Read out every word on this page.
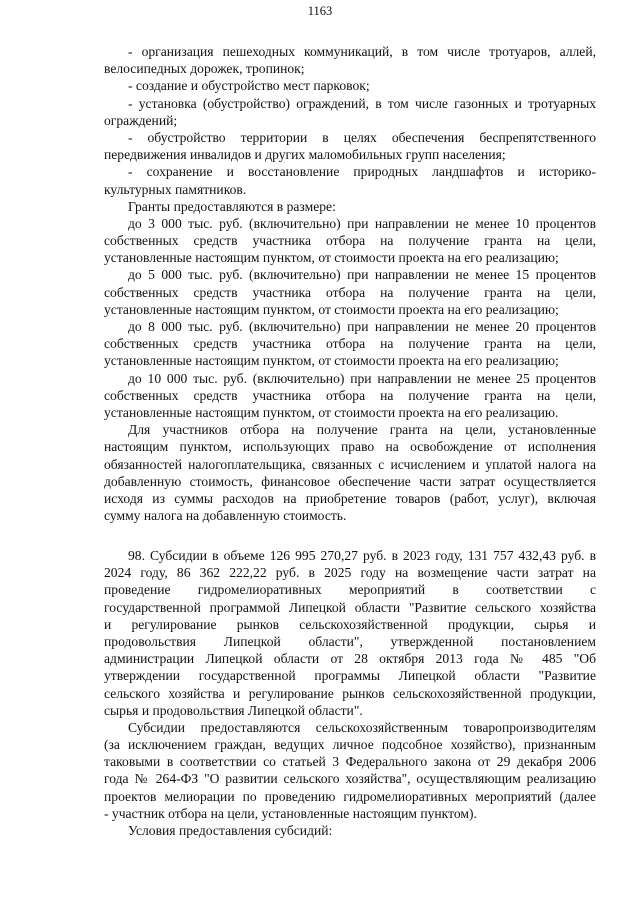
1163
- организация пешеходных коммуникаций, в том числе тротуаров, аллей,
велосипедных дорожек, тропинок;
- создание и обустройство мест парковок;
- установка (обустройство) ограждений, в том числе газонных и тротуарных
ограждений;
- обустройство территории в целях обеспечения беспрепятственного
передвижения инвалидов и других маломобильных групп населения;
- сохранение и восстановление природных ландшафтов и историко-
культурных памятников.
Гранты предоставляются в размере:
до 3 000 тыс. руб. (включительно) при направлении не менее 10 процентов
собственных средств участника отбора на получение гранта на цели,
установленные настоящим пунктом, от стоимости проекта на его реализацию;
до 5 000 тыс. руб. (включительно) при направлении не менее 15 процентов
собственных средств участника отбора на получение гранта на цели,
установленные настоящим пунктом, от стоимости проекта на его реализацию;
до 8 000 тыс. руб. (включительно) при направлении не менее 20 процентов
собственных средств участника отбора на получение гранта на цели,
установленные настоящим пунктом, от стоимости проекта на его реализацию;
до 10 000 тыс. руб. (включительно) при направлении не менее 25 процентов
собственных средств участника отбора на получение гранта на цели,
установленные настоящим пунктом, от стоимости проекта на его реализацию.
Для участников отбора на получение гранта на цели, установленные
настоящим пунктом, использующих право на освобождение от исполнения
обязанностей налогоплательщика, связанных с исчислением и уплатой налога на
добавленную стоимость, финансовое обеспечение части затрат осуществляется
исходя из суммы расходов на приобретение товаров (работ, услуг), включая
сумму налога на добавленную стоимость.
98. Субсидии в объеме 126 995 270,27 руб. в 2023 году, 131 757 432,43 руб. в
2024 году, 86 362 222,22 руб. в 2025 году на возмещение части затрат на
проведение гидромелиоративных мероприятий в соответствии с
государственной программой Липецкой области "Развитие сельского хозяйства
и регулирование рынков сельскохозяйственной продукции, сырья и
продовольствия Липецкой области", утвержденной постановлением
администрации Липецкой области от 28 октября 2013 года № 485 "Об
утверждении государственной программы Липецкой области "Развитие
сельского хозяйства и регулирование рынков сельскохозяйственной продукции,
сырья и продовольствия Липецкой области".
Субсидии предоставляются сельскохозяйственным товаропроизводителям
(за исключением граждан, ведущих личное подсобное хозяйство), признанным
таковыми в соответствии со статьей 3 Федерального закона от 29 декабря 2006
года № 264-ФЗ "О развитии сельского хозяйства", осуществляющим реализацию
проектов мелиорации по проведению гидромелиоративных мероприятий (далее
- участник отбора на цели, установленные настоящим пунктом).
Условия предоставления субсидий:
